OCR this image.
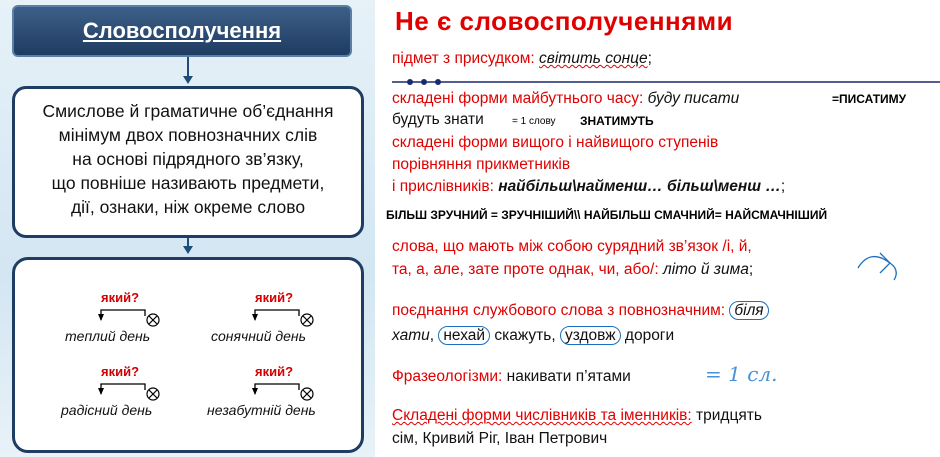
Словосполучення
Смислове й граматичне об’єднання
мінімум двох повнозначних слів
на основі підрядного зв’язку,
що повніше називають предмети,
дії, ознаки, ніж окреме слово
який?
теплий день
який?
сонячний день
який?
радісний день
який?
незабутній день
Не є словосполученнями
підмет з присудком: світить сонце;
складені форми майбутнього часу: буду писати	=ПИСАТИМУ
будуть знати	= 1 слову ЗНАТИМУТЬ
складені форми вищого і найвищого ступенів
порівняння прикметників
і прислівників: найбільш\найменш… більш\менш …;
БІЛЬШ ЗРУЧНИЙ = ЗРУЧНІШИЙ\\ НАЙБІЛЬШ СМАЧНИЙ= НАЙСМАЧНІШИЙ
слова, що мають між собою сурядний зв’язок /і, й,
та, а, але, зате проте однак, чи, або/: літо й зима;
поєднання службового слова з повнозначним: біля
хати, нехай скажуть, уздовж дороги
Фразеологізми: накивати п’ятами	= 1 сл.
Складені форми числівників та іменників: тридцять
сім, Кривий Ріг, Іван Петрович
